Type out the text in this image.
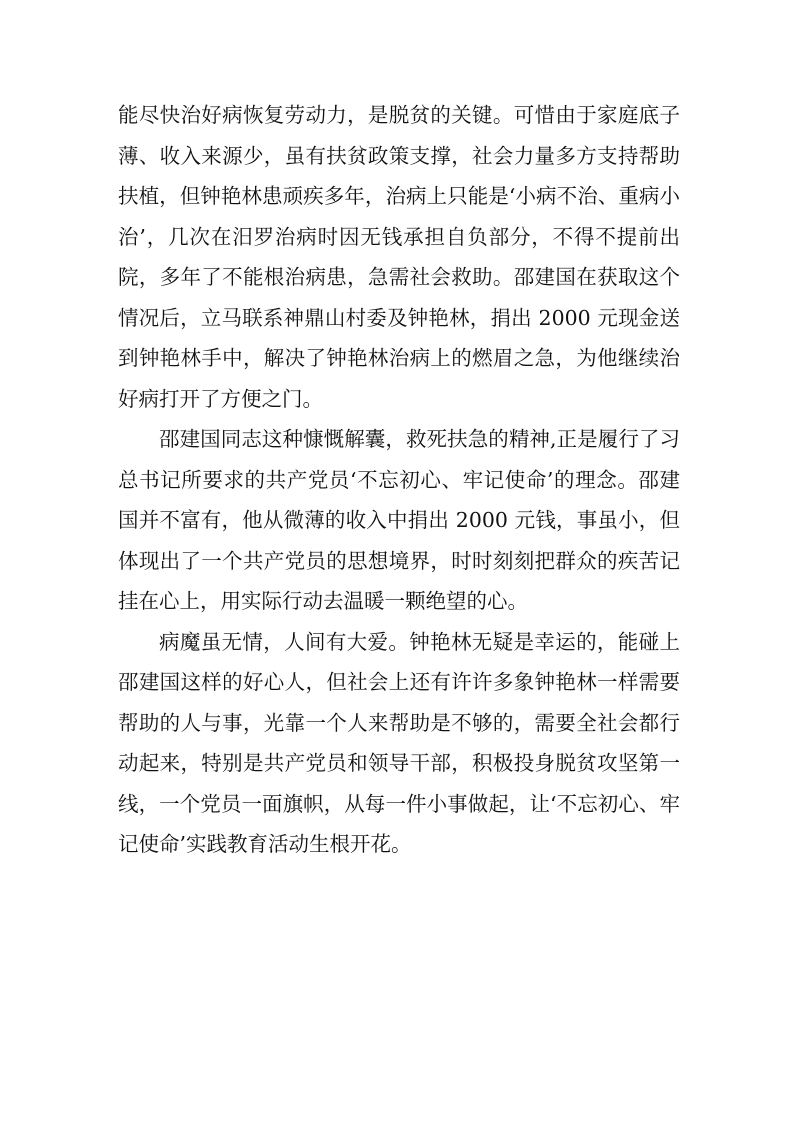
能尽快治好病恢复劳动力，是脱贫的关键。可惜由于家庭底子薄、收入来源少，虽有扶贫政策支撑，社会力量多方支持帮助扶植，但钟艳林患顽疾多年，治病上只能是‘小病不治、重病小治’，几次在汨罗治病时因无钱承担自负部分，不得不提前出院，多年了不能根治病患，急需社会救助。邵建国在获取这个情况后，立马联系神鼎山村委及钟艳林，捐出 2000 元现金送到钟艳林手中，解决了钟艳林治病上的燃眉之急，为他继续治好病打开了方便之门。

邵建国同志这种慷慨解囊，救死扶急的精神,正是履行了习总书记所要求的共产党员‘不忘初心、牢记使命’的理念。邵建国并不富有，他从微薄的收入中捐出 2000 元钱，事虽小，但体现出了一个共产党员的思想境界，时时刻刻把群众的疾苦记挂在心上，用实际行动去温暖一颗绝望的心。

病魔虽无情，人间有大爱。钟艳林无疑是幸运的，能碰上邵建国这样的好心人，但社会上还有许许多象钟艳林一样需要帮助的人与事，光靠一个人来帮助是不够的，需要全社会都行动起来，特别是共产党员和领导干部，积极投身脱贫攻坚第一线，一个党员一面旗帜，从每一件小事做起，让‘不忘初心、牢记使命’实践教育活动生根开花。
